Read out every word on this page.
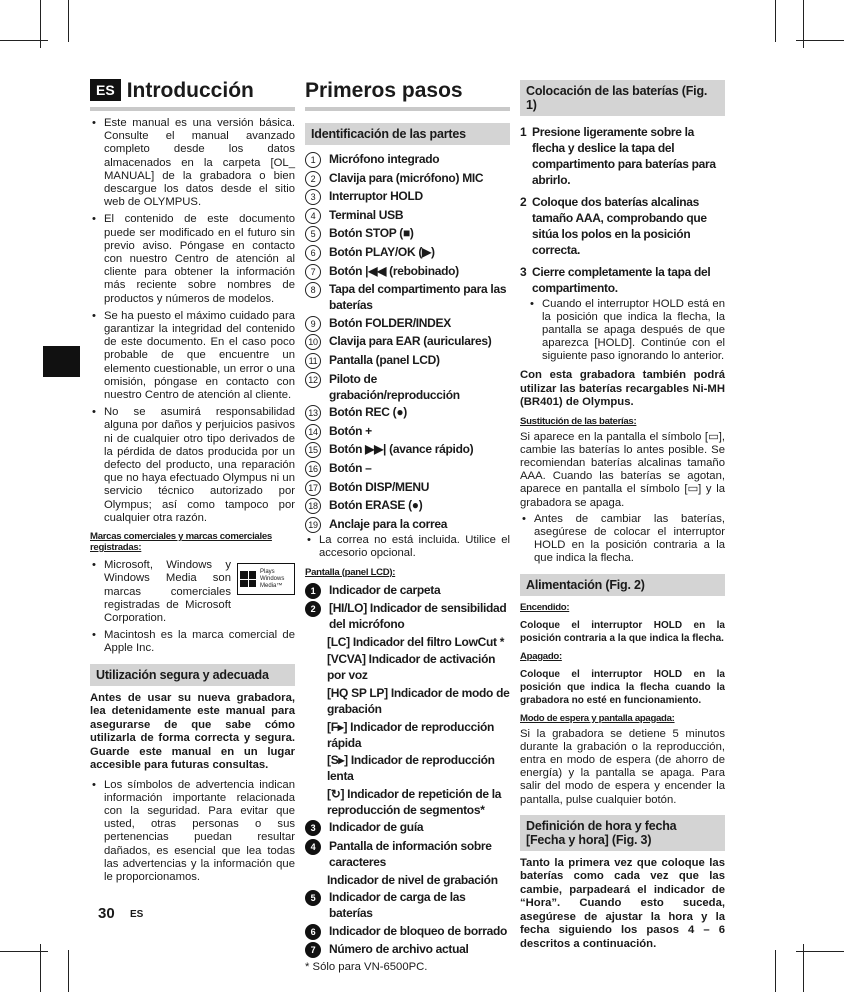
ES Introducción
• Este manual es una versión básica. Consulte el manual avanzado completo desde los datos almacenados en la carpeta [OL_ MANUAL] de la grabadora o bien descargue los datos desde el sitio web de OLYMPUS.
• El contenido de este documento puede ser modificado en el futuro sin previo aviso. Póngase en contacto con nuestro Centro de atención al cliente para obtener la información más reciente sobre nombres de productos y números de modelos.
• Se ha puesto el máximo cuidado para garantizar la integridad del contenido de este documento. En el caso poco probable de que encuentre un elemento cuestionable, un error o una omisión, póngase en contacto con nuestro Centro de atención al cliente.
• No se asumirá responsabilidad alguna por daños y perjuicios pasivos ni de cualquier otro tipo derivados de la pérdida de datos producida por un defecto del producto, una reparación que no haya efectuado Olympus ni un servicio técnico autorizado por Olympus; así como tampoco por cualquier otra razón.
Marcas comerciales y marcas comerciales registradas:
• Plays
Windows
Media™
Microsoft, Windows y Windows Media son marcas comerciales registradas de Microsoft Corporation.
• Macintosh es la marca comercial de Apple Inc.
Utilización segura y adecuada
Antes de usar su nueva grabadora, lea detenidamente este manual para asegurarse de que sabe cómo utilizarla de forma correcta y segura. Guarde este manual en un lugar accesible para futuras consultas.
• Los símbolos de advertencia indican información importante relacionada con la seguridad. Para evitar que usted, otras personas o sus pertenencias puedan resultar dañados, es esencial que lea todas las advertencias y la información que le proporcionamos.
Primeros pasos
Identificación de las partes
1	Micrófono integrado
2	Clavija para (micrófono) MIC
3	Interruptor HOLD
4	Terminal USB
5	Botón STOP (■)
6	Botón PLAY/OK (▶)
7	Botón |◀◀ (rebobinado)
8	Tapa del compartimento para las baterías
9	Botón FOLDER/INDEX
10 Clavija para EAR (auriculares)
11 Pantalla (panel LCD)
12 Piloto de grabación/reproducción
13 Botón REC (●)
14 Botón +
15 Botón ▶▶| (avance rápido)
16 Botón –
17 Botón DISP/MENU
18 Botón ERASE (●)
19 Anclaje para la correa
• La correa no está incluida. Utilice el accesorio opcional.
Pantalla (panel LCD):
1	Indicador de carpeta
2	[HI/LO] Indicador de sensibilidad del micrófono
[LC] Indicador del filtro LowCut *
[VCVA] Indicador de activación por voz
[HQ SP LP] Indicador de modo de grabación
[F▸] Indicador de reproducción rápida
[S▸] Indicador de reproducción lenta
[↻] Indicador de repetición de la reproducción de segmentos*
3	Indicador de guía
4	Pantalla de información sobre caracteres
Indicador de nivel de grabación
5	Indicador de carga de las baterías
6	Indicador de bloqueo de borrado
7	Número de archivo actual
* Sólo para VN-6500PC.
Colocación de las baterías (Fig. 1)
1 Presione ligeramente sobre la flecha y deslice la tapa del compartimento para baterías para abrirlo.
2 Coloque dos baterías alcalinas tamaño AAA, comprobando que sitúa los polos en la posición correcta.
3 Cierre completamente la tapa del compartimento.
• Cuando el interruptor HOLD está en la posición que indica la flecha, la pantalla se apaga después de que aparezca [HOLD]. Continúe con el siguiente paso ignorando lo anterior.
Con esta grabadora también podrá utilizar las baterías recargables Ni-MH (BR401) de Olympus.
Sustitución de las baterías:
Si aparece en la pantalla el símbolo [▭], cambie las baterías lo antes posible. Se recomiendan baterías alcalinas tamaño AAA. Cuando las baterías se agotan, aparece en pantalla el símbolo [▭] y la grabadora se apaga.
• Antes de cambiar las baterías, asegúrese de colocar el interruptor HOLD en la posición contraria a la que indica la flecha.
Alimentación (Fig. 2)
Encendido:
Coloque el interruptor HOLD en la posición contraria a la que indica la flecha.
Apagado:
Coloque el interruptor HOLD en la posición que indica la flecha cuando la grabadora no esté en funcionamiento.
Modo de espera y pantalla apagada:
Si la grabadora se detiene 5 minutos durante la grabación o la reproducción, entra en modo de espera (de ahorro de energía) y la pantalla se apaga. Para salir del modo de espera y encender la pantalla, pulse cualquier botón.
Definición de hora y fecha
[Fecha y hora] (Fig. 3)
Tanto la primera vez que coloque las baterías como cada vez que las cambie, parpadeará el indicador de “Hora”. Cuando esto suceda, asegúrese de ajustar la hora y la fecha siguiendo los pasos 4 – 6 descritos a continuación.
30 ES
